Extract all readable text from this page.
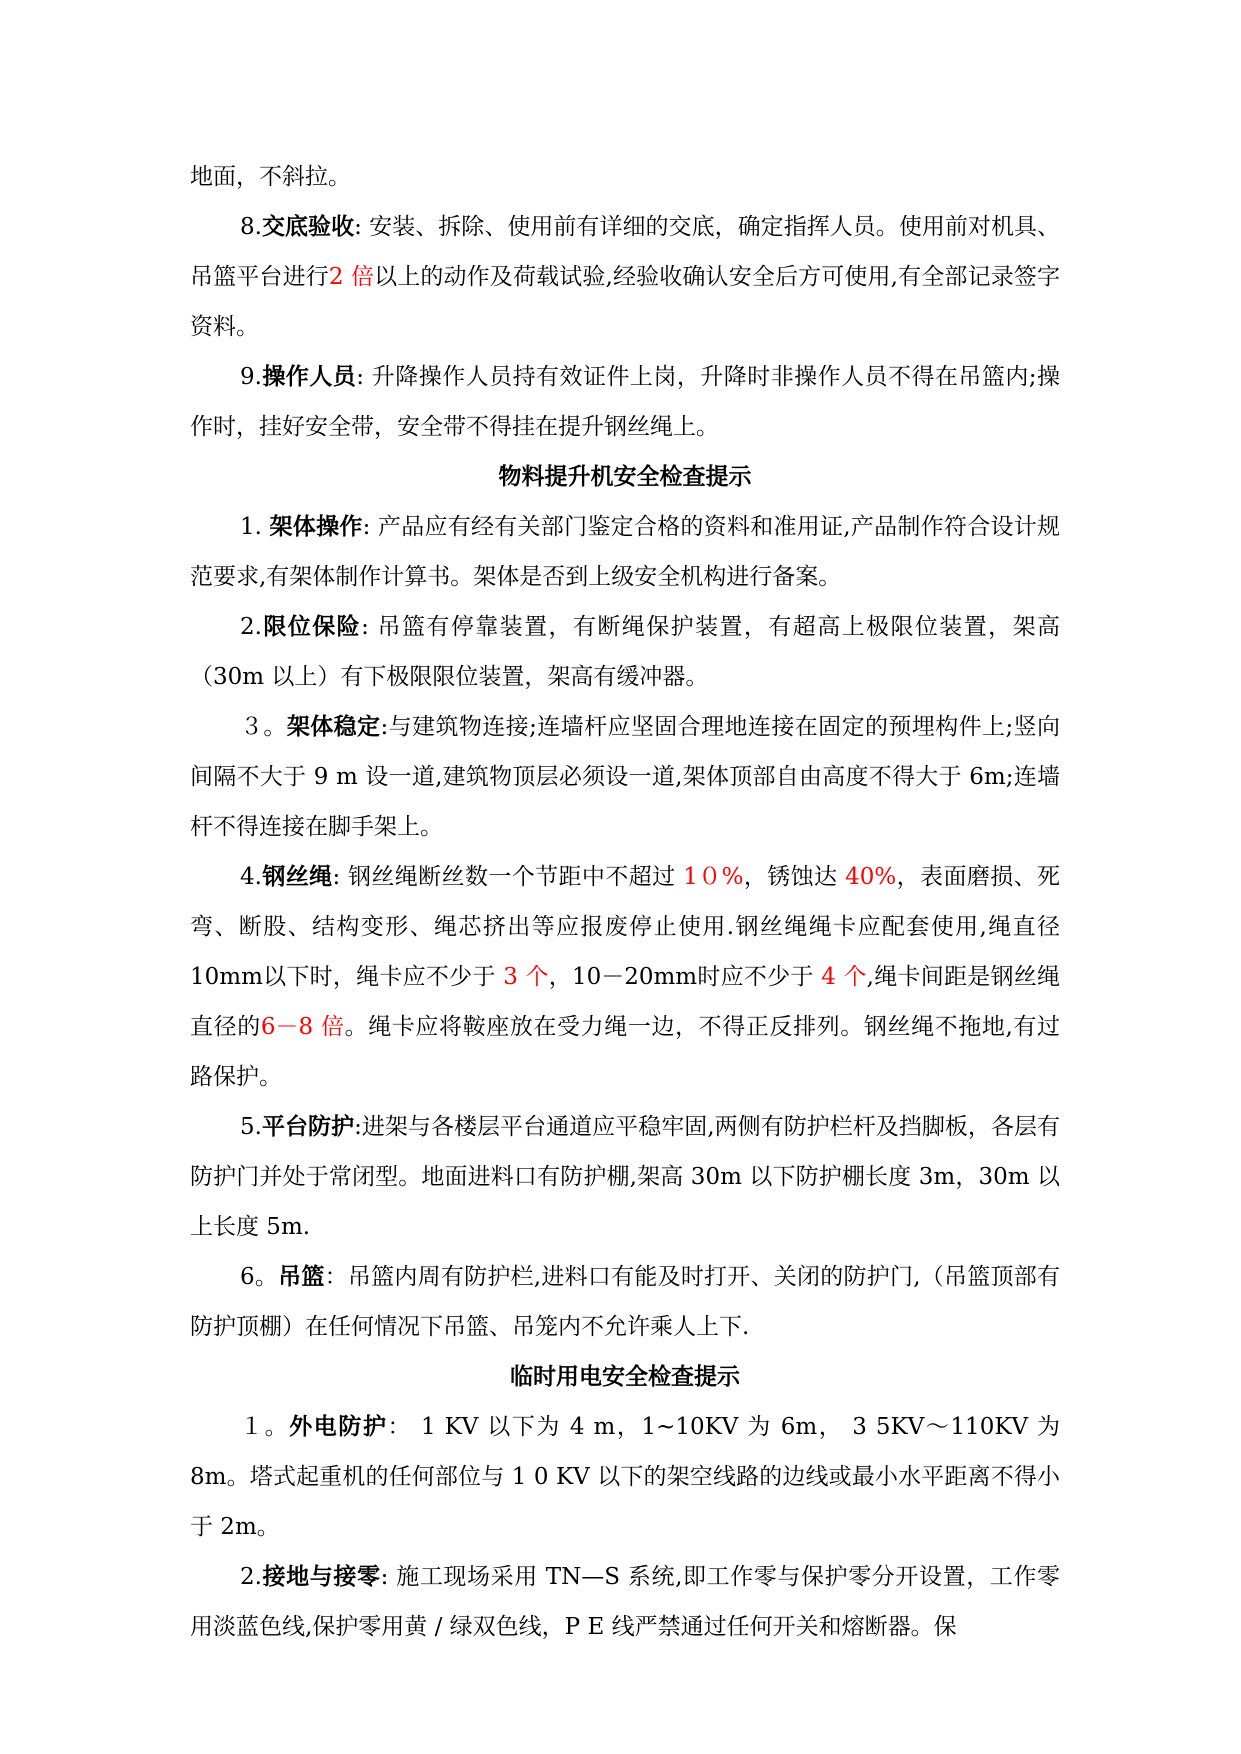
地面，不斜拉。

8.交底验收: 安装、拆除、使用前有详细的交底，确定指挥人员。使用前对机具、吊篮平台进行2 倍以上的动作及荷载试验,经验收确认安全后方可使用,有全部记录签字资料。

9.操作人员: 升降操作人员持有效证件上岗，升降时非操作人员不得在吊篮内;操作时，挂好安全带，安全带不得挂在提升钢丝绳上。

物料提升机安全检查提示

1. 架体操作: 产品应有经有关部门鉴定合格的资料和准用证,产品制作符合设计规范要求,有架体制作计算书。架体是否到上级安全机构进行备案。

2.限位保险: 吊篮有停靠装置，有断绳保护装置，有超高上极限位装置，架高（30m 以上）有下极限限位装置，架高有缓冲器。

３。架体稳定:与建筑物连接;连墙杆应坚固合理地连接在固定的预埋构件上;竖向间隔不大于 9 m 设一道,建筑物顶层必须设一道,架体顶部自由高度不得大于 6m;连墙杆不得连接在脚手架上。

4.钢丝绳: 钢丝绳断丝数一个节距中不超过 1０%，锈蚀达 40%，表面磨损、死弯、断股、结构变形、绳芯挤出等应报废停止使用.钢丝绳绳卡应配套使用,绳直径 10mm以下时，绳卡应不少于 3 个，10－20mm时应不少于 4 个,绳卡间距是钢丝绳直径的6－8 倍。绳卡应将鞍座放在受力绳一边，不得正反排列。钢丝绳不拖地,有过路保护。

5.平台防护:进架与各楼层平台通道应平稳牢固,两侧有防护栏杆及挡脚板，各层有防护门并处于常闭型。地面进料口有防护棚,架高 30m 以下防护棚长度 3m，30m 以上长度 5m.

6。吊篮：吊篮内周有防护栏,进料口有能及时打开、关闭的防护门,（吊篮顶部有防护顶棚）在任何情况下吊篮、吊笼内不允许乘人上下.

临时用电安全检查提示

１。外电防护： 1 KV 以下为 4 m，1~10KV 为 6m， 3 5KV～110KV 为 8m。塔式起重机的任何部位与 1 0 KV 以下的架空线路的边线或最小水平距离不得小于 2m。

2.接地与接零: 施工现场采用 TN—S 系统,即工作零与保护零分开设置，工作零用淡蓝色线,保护零用黄 / 绿双色线，P E 线严禁通过任何开关和熔断器。保
